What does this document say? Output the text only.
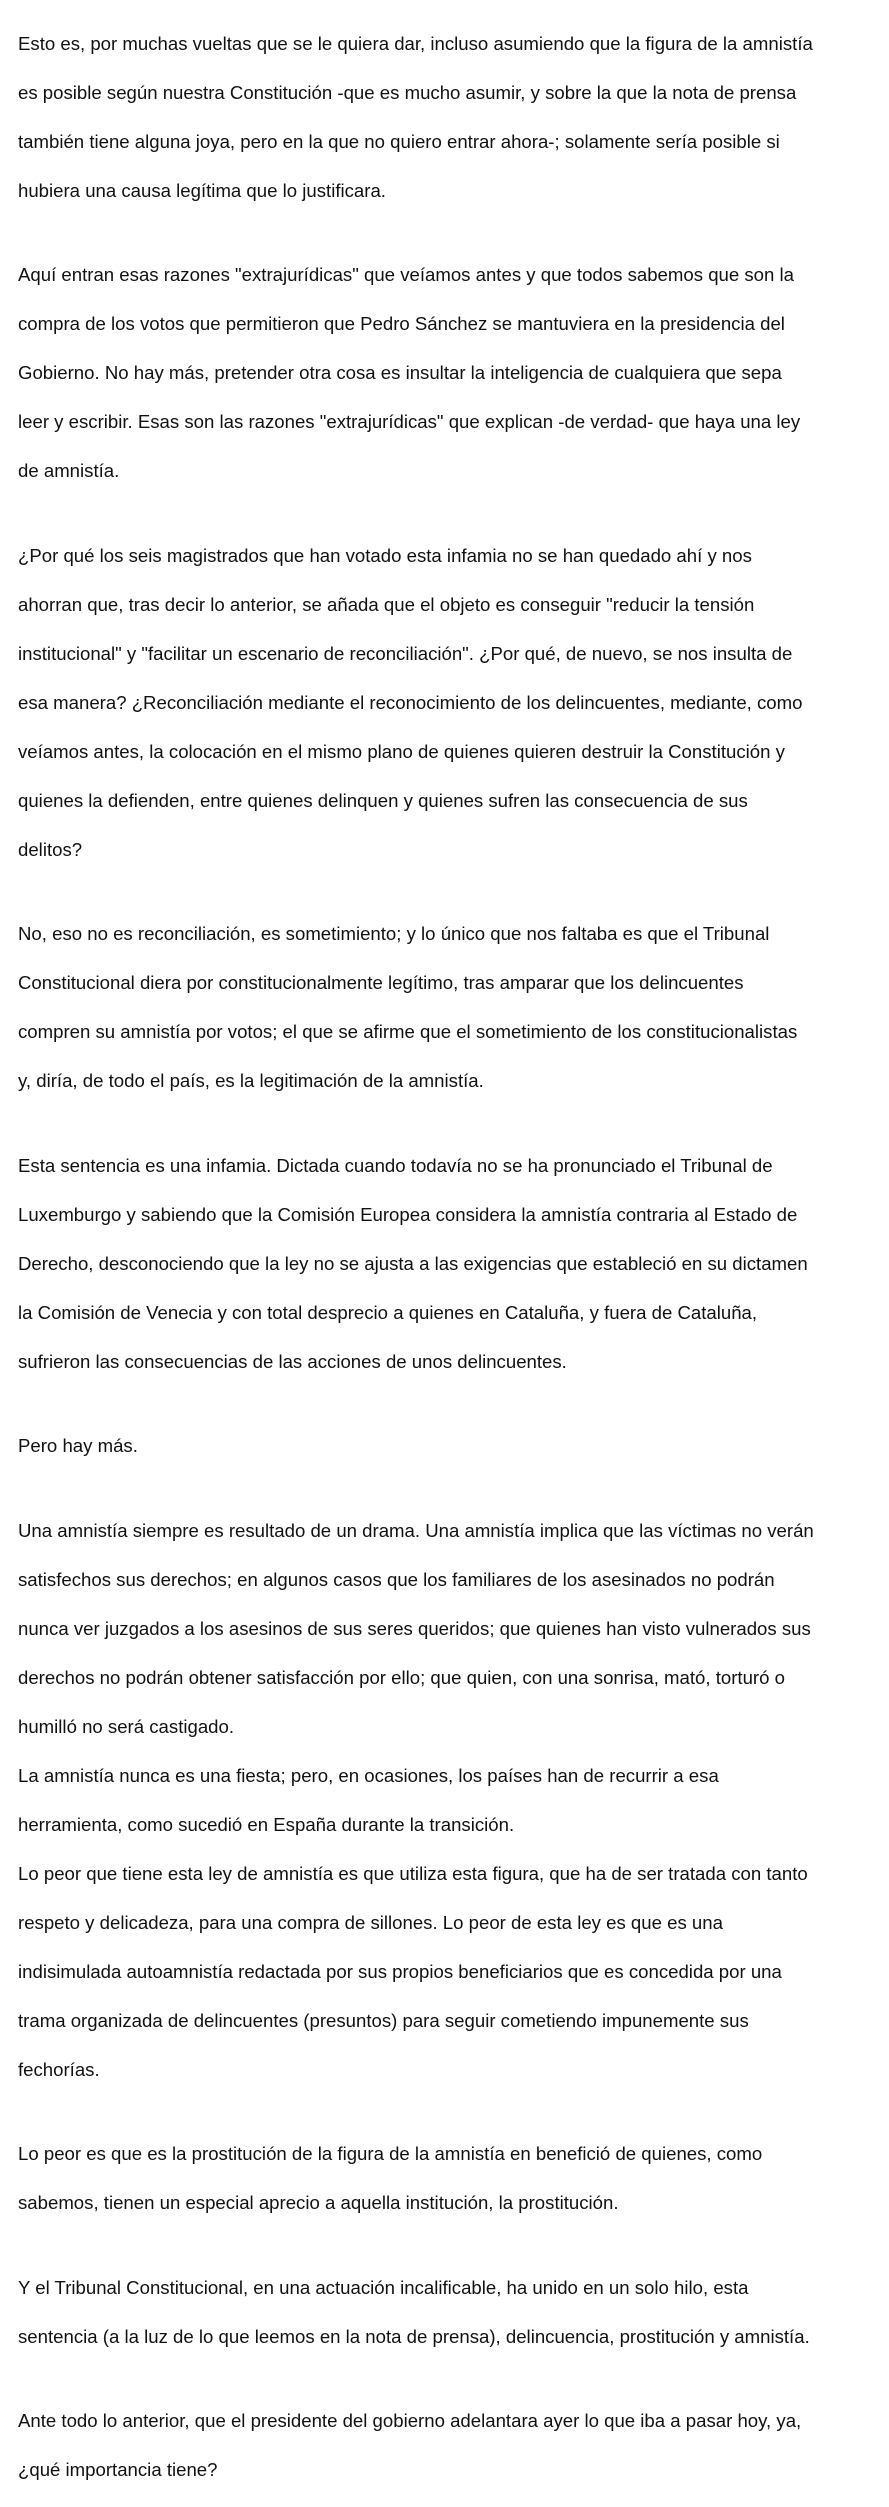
Esto es, por muchas vueltas que se le quiera dar, incluso asumiendo que la figura de la amnistía

es posible según nuestra Constitución -que es mucho asumir, y sobre la que la nota de prensa

también tiene alguna joya, pero en la que no quiero entrar ahora-; solamente sería posible si

hubiera una causa legítima que lo justificara.

Aquí entran esas razones "extrajurídicas" que veíamos antes y que todos sabemos que son la

compra de los votos que permitieron que Pedro Sánchez se mantuviera en la presidencia del

Gobierno. No hay más, pretender otra cosa es insultar la inteligencia de cualquiera que sepa

leer y escribir. Esas son las razones "extrajurídicas" que explican -de verdad- que haya una ley

de amnistía.

¿Por qué los seis magistrados que han votado esta infamia no se han quedado ahí y nos

ahorran que, tras decir lo anterior, se añada que el objeto es conseguir "reducir la tensión

institucional" y "facilitar un escenario de reconciliación". ¿Por qué, de nuevo, se nos insulta de

esa manera? ¿Reconciliación mediante el reconocimiento de los delincuentes, mediante, como

veíamos antes, la colocación en el mismo plano de quienes quieren destruir la Constitución y

quienes la defienden, entre quienes delinquen y quienes sufren las consecuencia de sus

delitos?

No, eso no es reconciliación, es sometimiento; y lo único que nos faltaba es que el Tribunal

Constitucional diera por constitucionalmente legítimo, tras amparar que los delincuentes

compren su amnistía por votos; el que se afirme que el sometimiento de los constitucionalistas

y, diría, de todo el país, es la legitimación de la amnistía.

Esta sentencia es una infamia. Dictada cuando todavía no se ha pronunciado el Tribunal de

Luxemburgo y sabiendo que la Comisión Europea considera la amnistía contraria al Estado de

Derecho, desconociendo que la ley no se ajusta a las exigencias que estableció en su dictamen

la Comisión de Venecia y con total desprecio a quienes en Cataluña, y fuera de Cataluña,

sufrieron las consecuencias de las acciones de unos delincuentes.

Pero hay más.

Una amnistía siempre es resultado de un drama. Una amnistía implica que las víctimas no verán

satisfechos sus derechos; en algunos casos que los familiares de los asesinados no podrán

nunca ver juzgados a los asesinos de sus seres queridos; que quienes han visto vulnerados sus

derechos no podrán obtener satisfacción por ello; que quien, con una sonrisa, mató, torturó o

humilló no será castigado.

La amnistía nunca es una fiesta; pero, en ocasiones, los países han de recurrir a esa

herramienta, como sucedió en España durante la transición.

Lo peor que tiene esta ley de amnistía es que utiliza esta figura, que ha de ser tratada con tanto

respeto y delicadeza, para una compra de sillones. Lo peor de esta ley es que es una

indisimulada autoamnistía redactada por sus propios beneficiarios que es concedida por una

trama organizada de delincuentes (presuntos) para seguir cometiendo impunemente sus

fechorías.

Lo peor es que es la prostitución de la figura de la amnistía en benefició de quienes, como

sabemos, tienen un especial aprecio a aquella institución, la prostitución.

Y el Tribunal Constitucional, en una actuación incalificable, ha unido en un solo hilo, esta

sentencia (a la luz de lo que leemos en la nota de prensa), delincuencia, prostitución y amnistía.

Ante todo lo anterior, que el presidente del gobierno adelantara ayer lo que iba a pasar hoy, ya,

¿qué importancia tiene?
